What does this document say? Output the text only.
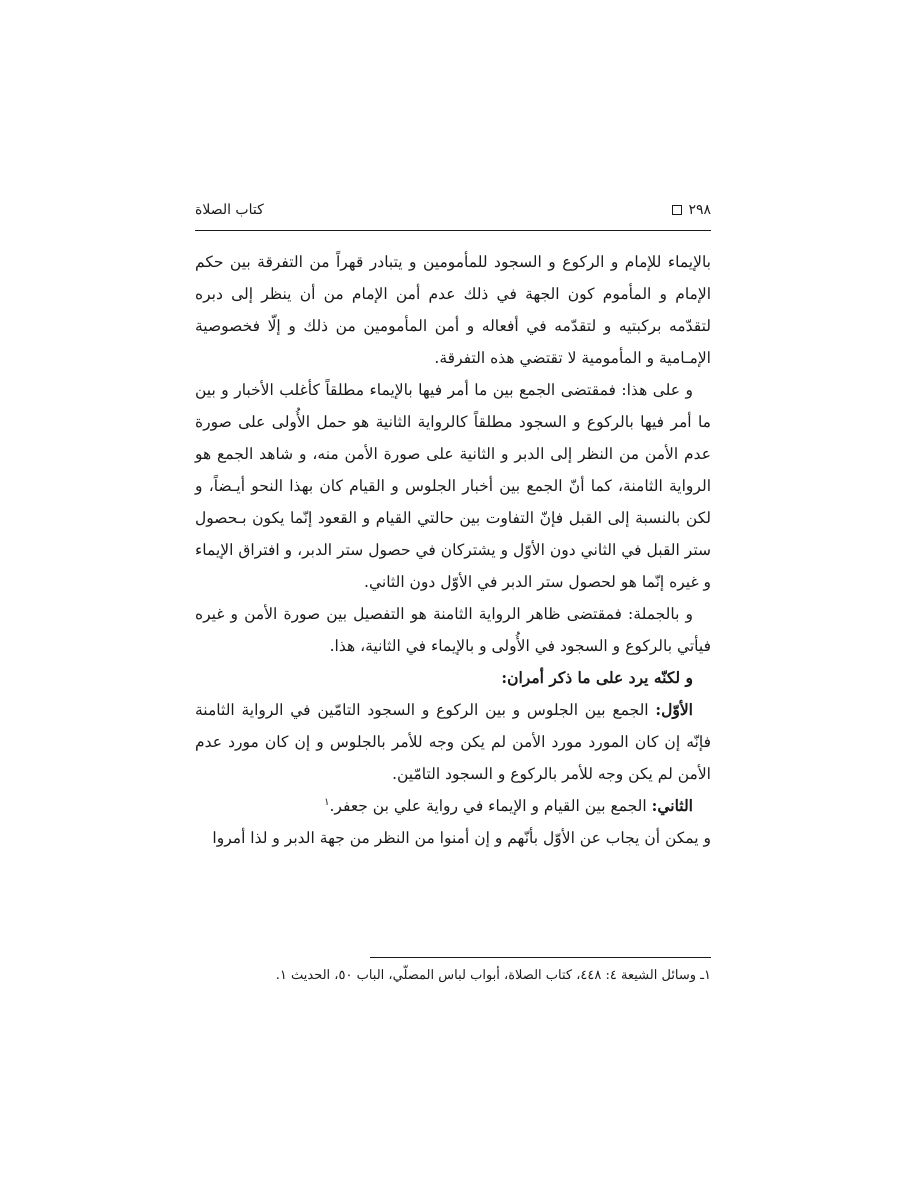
۲۹۸
كتاب الصلاة

بالإيماء للإمام و الركوع و السجود للمأمومين و يتبادر قهراً من التفرقة بين حكم الإمام و المأموم كون الجهة في ذلك عدم أمن الإمام من أن ينظر إلى دبره لتقدّمه بركبتيه و لتقدّمه في أفعاله و أمن المأمومين من ذلك و إلّا فخصوصية الإمـامية و المأمومية لا تقتضي هذه التفرقة.

و على هذا: فمقتضى الجمع بين ما أمر فيها بالإيماء مطلقاً كأغلب الأخبار و بين ما أمر فيها بالركوع و السجود مطلقاً كالرواية الثانية هو حمل الأُولى على صورة عدم الأمن من النظر إلى الدبر و الثانية على صورة الأمن منه، و شاهد الجمع هو الرواية الثامنة، كما أنّ الجمع بين أخبار الجلوس و القيام كان بهذا النحو أيـضاً، و لكن بالنسبة إلى القبل فإنّ التفاوت بين حالتي القيام و القعود إنّما يكون بـحصول ستر القبل في الثاني دون الأوّل و يشتركان في حصول ستر الدبر، و افتراق الإيماء و غيره إنّما هو لحصول ستر الدبر في الأوّل دون الثاني.

و بالجملة: فمقتضى ظاهر الرواية الثامنة هو التفصيل بين صورة الأمن و غيره فيأتي بالركوع و السجود في الأُولى و بالإيماء في الثانية، هذا.

و لكنّه يرد على ما ذكر أمران:

الأوّل: الجمع بين الجلوس و بين الركوع و السجود التامّين في الرواية الثامنة فإنّه إن كان المورد مورد الأمن لم يكن وجه للأمر بالجلوس و إن كان مورد عدم الأمن لم يكن وجه للأمر بالركوع و السجود التامّين.

الثاني: الجمع بين القيام و الإيماء في رواية علي بن جعفر.$^١$

و يمكن أن يجاب عن الأوّل بأنّهم و إن أمنوا من النظر من جهة الدبر و لذا أمروا

١ـ وسائل الشيعة ٤: ٤٤٨، كتاب الصلاة، أبواب لباس المصلّي، الباب ٥٠، الحديث ١.
